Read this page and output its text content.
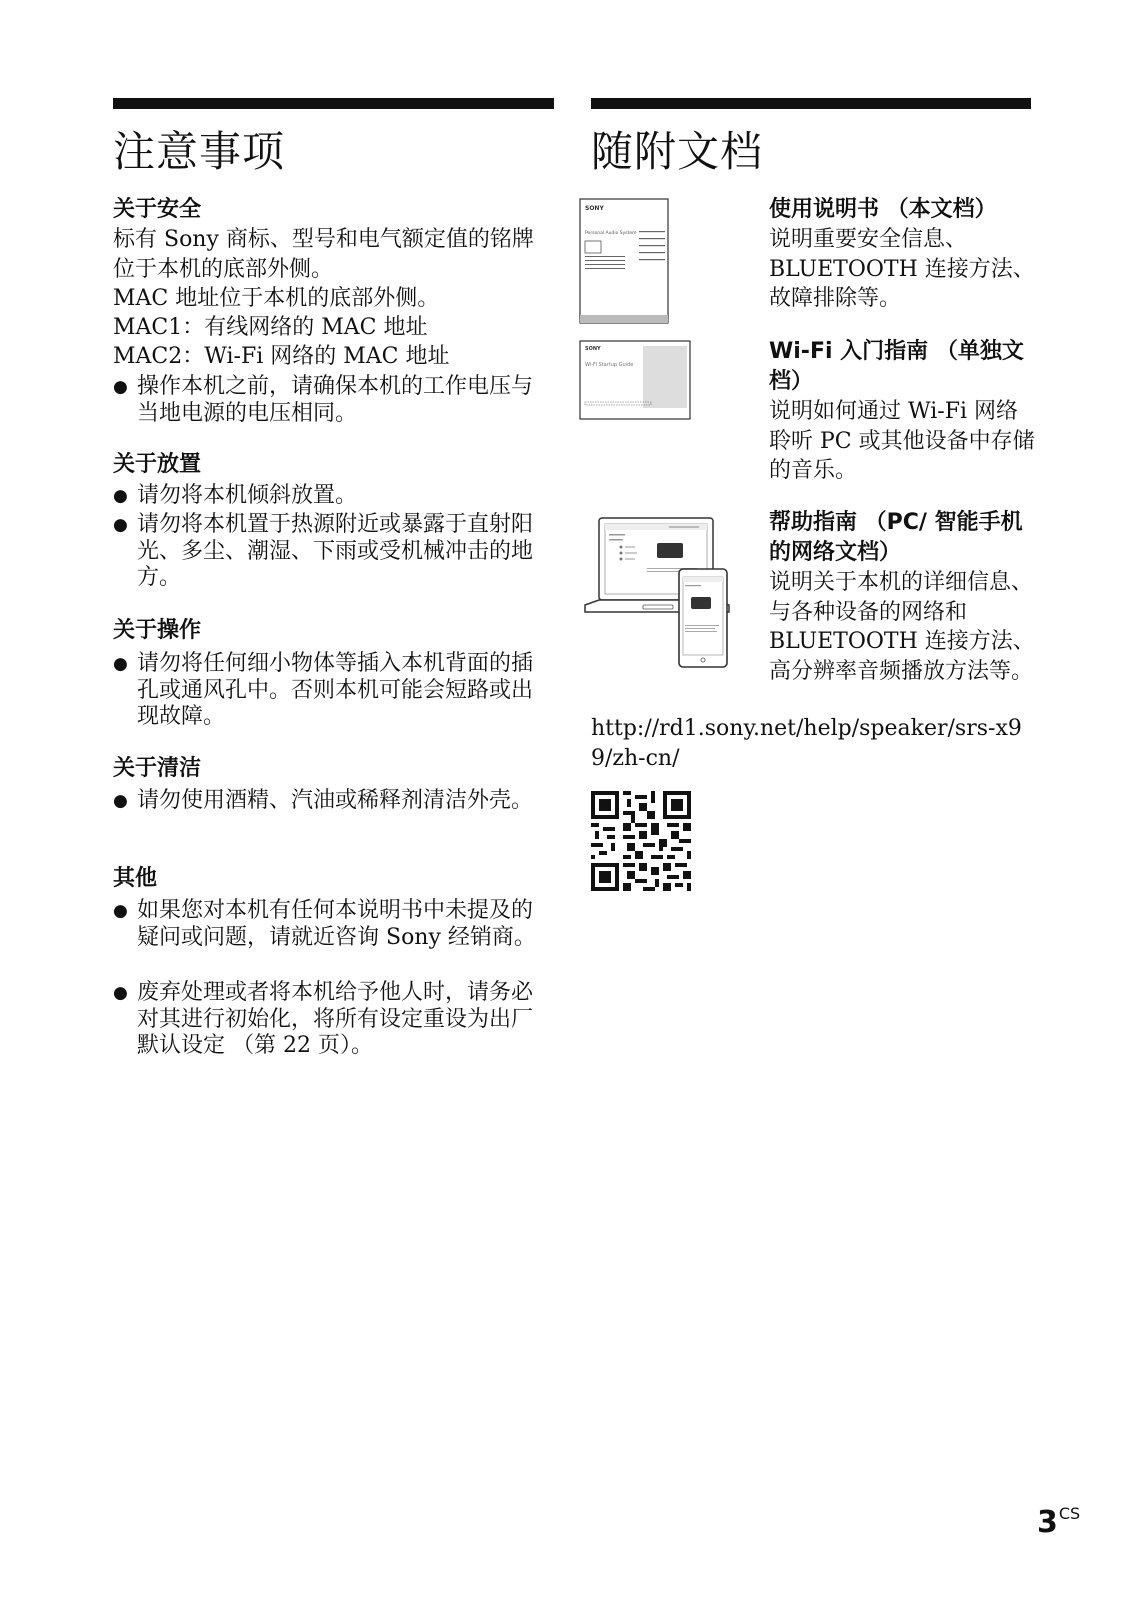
注意事项
关于安全

标有 Sony 商标、型号和电气额定值的铭牌位于本机的底部外侧。

MAC 地址位于本机的底部外侧。

MAC1：有线网络的 MAC 地址

MAC2：Wi-Fi 网络的 MAC 地址

● 操作本机之前，请确保本机的工作电压与当地电源的电压相同。
关于放置
● 请勿将本机倾斜放置。
● 请勿将本机置于热源附近或暴露于直射阳光、多尘、潮湿、下雨或受机械冲击的地方。
关于操作
● 请勿将任何细小物体等插入本机背面的插孔或通风孔中。否则本机可能会短路或出现故障。
关于清洁
● 请勿使用酒精、汽油或稀释剂清洁外壳。
其他
● 如果您对本机有任何本说明书中未提及的疑问或问题，请就近咨询 Sony 经销商。
● 废弃处理或者将本机给予他人时，请务必对其进行初始化，将所有设定重设为出厂默认设定 （第 22 页）。
随附文档
SONY
Personal Audio System
使用说明书 （本文档）
说明重要安全信息、BLUETOOTH 连接方法、故障排除等。
SONY
Wi-Fi Startup Guide
Wi-Fi 入门指南 （单独文档）
说明如何通过 Wi-Fi 网络聆听 PC 或其他设备中存储的音乐。
帮助指南 （PC/ 智能手机的网络文档）
说明关于本机的详细信息、与各种设备的网络和 BLUETOOTH 连接方法、高分辨率音频播放方法等。
http://rd1.sony.net/help/speaker/srs-x99/zh-cn/
$3^{CS}$
